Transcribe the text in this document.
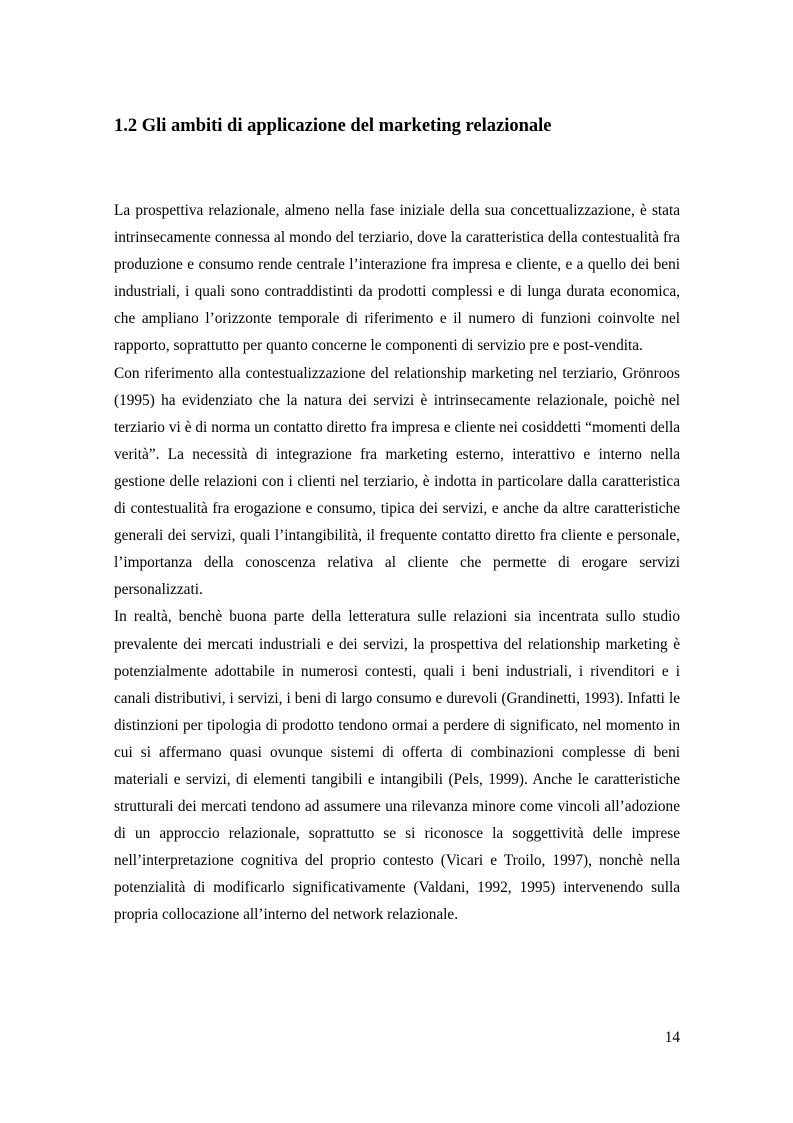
1.2 Gli ambiti di applicazione del marketing relazionale

La prospettiva relazionale, almeno nella fase iniziale della sua concettualizzazione, è stata intrinsecamente connessa al mondo del terziario, dove la caratteristica della contestualità fra produzione e consumo rende centrale l’interazione fra impresa e cliente, e a quello dei beni industriali, i quali sono contraddistinti da prodotti complessi e di lunga durata economica, che ampliano l’orizzonte temporale di riferimento e il numero di funzioni coinvolte nel rapporto, soprattutto per quanto concerne le componenti di servizio pre e post-vendita.

Con riferimento alla contestualizzazione del relationship marketing nel terziario, Grönroos (1995) ha evidenziato che la natura dei servizi è intrinsecamente relazionale, poichè nel terziario vi è di norma un contatto diretto fra impresa e cliente nei cosiddetti “momenti della verità”. La necessità di integrazione fra marketing esterno, interattivo e interno nella gestione delle relazioni con i clienti nel terziario, è indotta in particolare dalla caratteristica di contestualità fra erogazione e consumo, tipica dei servizi, e anche da altre caratteristiche generali dei servizi, quali l’intangibilità, il frequente contatto diretto fra cliente e personale, l’importanza della conoscenza relativa al cliente che permette di erogare servizi personalizzati.

In realtà, benchè buona parte della letteratura sulle relazioni sia incentrata sullo studio prevalente dei mercati industriali e dei servizi, la prospettiva del relationship marketing è potenzialmente adottabile in numerosi contesti, quali i beni industriali, i rivenditori e i canali distributivi, i servizi, i beni di largo consumo e durevoli (Grandinetti, 1993). Infatti le distinzioni per tipologia di prodotto tendono ormai a perdere di significato, nel momento in cui si affermano quasi ovunque sistemi di offerta di combinazioni complesse di beni materiali e servizi, di elementi tangibili e intangibili (Pels, 1999). Anche le caratteristiche strutturali dei mercati tendono ad assumere una rilevanza minore come vincoli all’adozione di un approccio relazionale, soprattutto se si riconosce la soggettività delle imprese nell’interpretazione cognitiva del proprio contesto (Vicari e Troilo, 1997), nonchè nella potenzialità di modificarlo significativamente (Valdani, 1992, 1995) intervenendo sulla propria collocazione all’interno del network relazionale.

14
